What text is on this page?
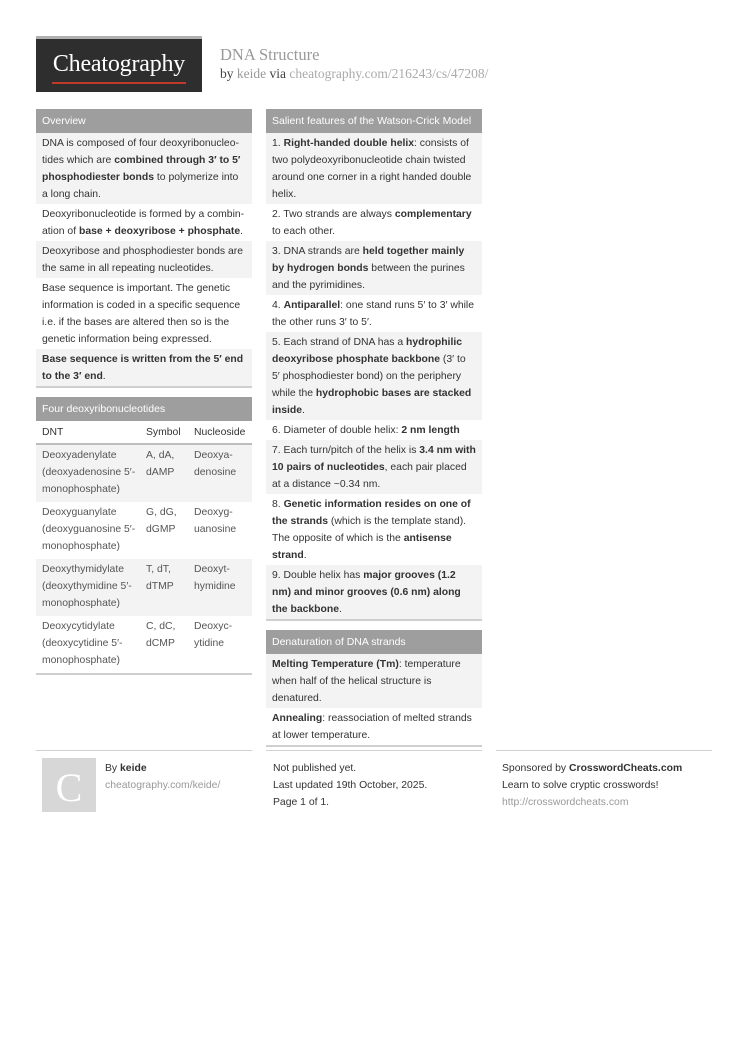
Cheatography	DNA Structure
by keide via cheatography.com/216243/cs/47208/
Overview
DNA is composed of four deoxyribonucleo-tides which are combined through 3′ to 5′ phosphodiester bonds to polymerize into a long chain.
Deoxyribonucleotide is formed by a combin-ation of base + deoxyribose + phosphate.
Deoxyribose and phosphodiester bonds are the same in all repeating nucleotides.
Base sequence is important. The genetic information is coded in a specific sequence i.e. if the bases are altered then so is the genetic information being expressed.
Base sequence is written from the 5′ end to the 3′ end.
Four deoxyribonucleotides
DNT	Symbol	Nucleoside
Deoxyadenylate (deoxyadenosine 5′-monophosphate)	A, dA, dAMP	Deoxya-denosine
Deoxyguanylate (deoxyguanosine 5′-monophosphate)	G, dG, dGMP	Deoxyg-uanosine
Deoxythymidylate (deoxythymidine 5′-monophosphate)	T, dT, dTMP	Deoxyt-hymidine
Deoxycytidylate (deoxycytidine 5′-monophosphate)	C, dC, dCMP	Deoxyc-ytidine
Salient features of the Watson-Crick Model
1. Right-handed double helix: consists of two polydeoxyribonucleotide chain twisted around one corner in a right handed double helix.
2. Two strands are always complementary to each other.
3. DNA strands are held together mainly by hydrogen bonds between the purines and the pyrimidines.
4. Antiparallel: one stand runs 5′ to 3′ while the other runs 3′ to 5′.
5. Each strand of DNA has a hydrophilic deoxyribose phosphate backbone (3′ to 5′ phosphodiester bond) on the periphery while the hydrophobic bases are stacked inside.
6. Diameter of double helix: 2 nm length
7. Each turn/pitch of the helix is 3.4 nm with 10 pairs of nucleotides, each pair placed at a distance ~0.34 nm.
8. Genetic information resides on one of the strands (which is the template stand). The opposite of which is the antisense strand.
9. Double helix has major grooves (1.2 nm) and minor grooves (0.6 nm) along the backbone.
Denaturation of DNA strands
Melting Temperature (Tm): temperature when half of the helical structure is denatured.
Annealing: reassociation of melted strands at lower temperature.
C	By keide
cheatography.com/keide/
Not published yet.
Last updated 19th October, 2025.
Page 1 of 1.
Sponsored by CrosswordCheats.com
Learn to solve cryptic crosswords!
http://crosswordcheats.com
